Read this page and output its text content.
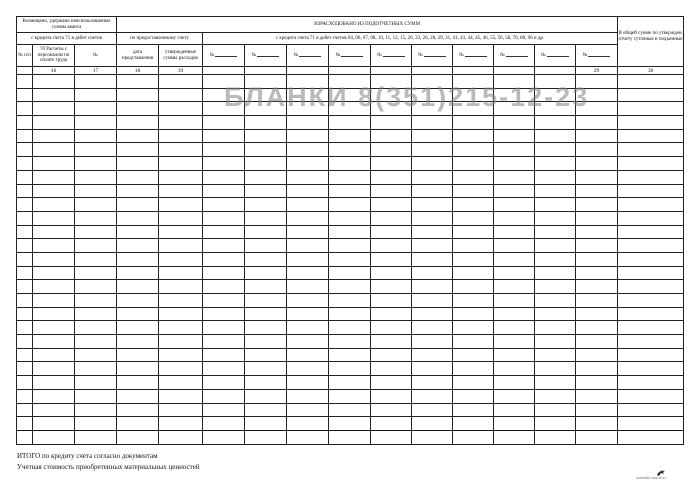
Возмещено, удержано неиспользованные суммы аванса			ИЗРАСХОДОВАНО ИЗ ПОДОТЧЕТНЫХ СУММ												В общей сумме по утвержден. отчету суточные и подъемные
с кредита счета 71 в дебет счетов			по предоставленному счету		с кредита счета 71 в дебет счетов 04, 06, 07, 08, 10, 11, 12, 15, 20, 23, 26, 28, 29, 31, 41, 43, 44, 45, 46, 55, 56, 58, 70, 80, 96 и др.										
№ п/п	70 Расчеты с персоналом по оплате труда	№	дата представления	утвержденные суммы расходов	№	№	№	№	№	№	№	№	№	№	
	16	17	18	19										29	30

БЛАНКИ 8(351)215-12-23
ИТОГО по кредиту счета согласно документам
Учетная стоимость приобретенных материальных ценностей
САМАЙМ 7.002.15.21
